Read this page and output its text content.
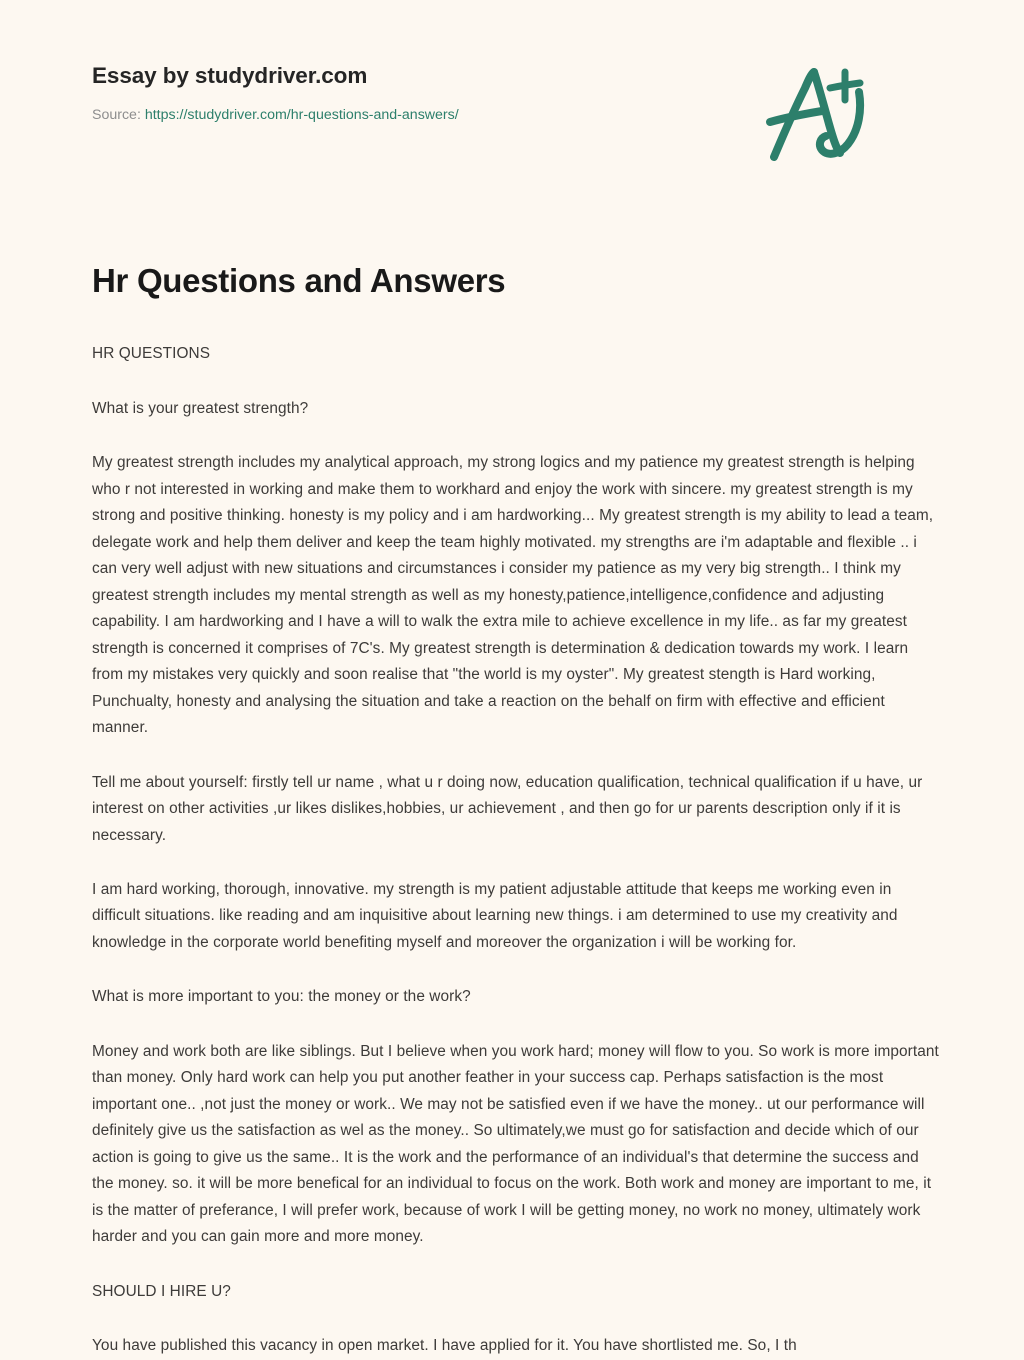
Essay by studydriver.com
Source: https://studydriver.com/hr-questions-and-answers/
Hr Questions and Answers

HR QUESTIONS

What is your greatest strength?

My greatest strength includes my analytical approach, my strong logics and my patience my greatest strength is helping who r not interested in working and make them to workhard and enjoy the work with sincere. my greatest strength is my strong and positive thinking. honesty is my policy and i am hardworking... My greatest strength is my ability to lead a team, delegate work and help them deliver and keep the team highly motivated. my strengths are i'm adaptable and flexible .. i can very well adjust with new situations and circumstances i consider my patience as my very big strength.. I think my greatest strength includes my mental strength as well as my honesty,patience,intelligence,confidence and adjusting capability. I am hardworking and I have a will to walk the extra mile to achieve excellence in my life.. as far my greatest strength is concerned it comprises of 7C's. My greatest strength is determination & dedication towards my work. I learn from my mistakes very quickly and soon realise that "the world is my oyster". My greatest stength is Hard working, Punchualty, honesty and analysing the situation and take a reaction on the behalf on firm with effective and efficient manner.

Tell me about yourself: firstly tell ur name , what u r doing now, education qualification, technical qualification if u have, ur interest on other activities ,ur likes dislikes,hobbies, ur achievement , and then go for ur parents description only if it is necessary.

I am hard working, thorough, innovative. my strength is my patient adjustable attitude that keeps me working even in difficult situations. like reading and am inquisitive about learning new things. i am determined to use my creativity and knowledge in the corporate world benefiting myself and moreover the organization i will be working for.

What is more important to you: the money or the work?

Money and work both are like siblings. But I believe when you work hard; money will flow to you. So work is more important than money. Only hard work can help you put another feather in your success cap. Perhaps satisfaction is the most important one.. ,not just the money or work.. We may not be satisfied even if we have the money.. ut our performance will definitely give us the satisfaction as wel as the money.. So ultimately,we must go for satisfaction and decide which of our action is going to give us the same.. It is the work and the performance of an individual's that determine the success and the money. so. it will be more benefical for an individual to focus on the work. Both work and money are important to me, it is the matter of preferance, I will prefer work, because of work I will be getting money, no work no money, ultimately work harder and you can gain more and more money.

SHOULD I HIRE U?

You have published this vacancy in open market. I have applied for it. You have shortlisted me. So, I th
